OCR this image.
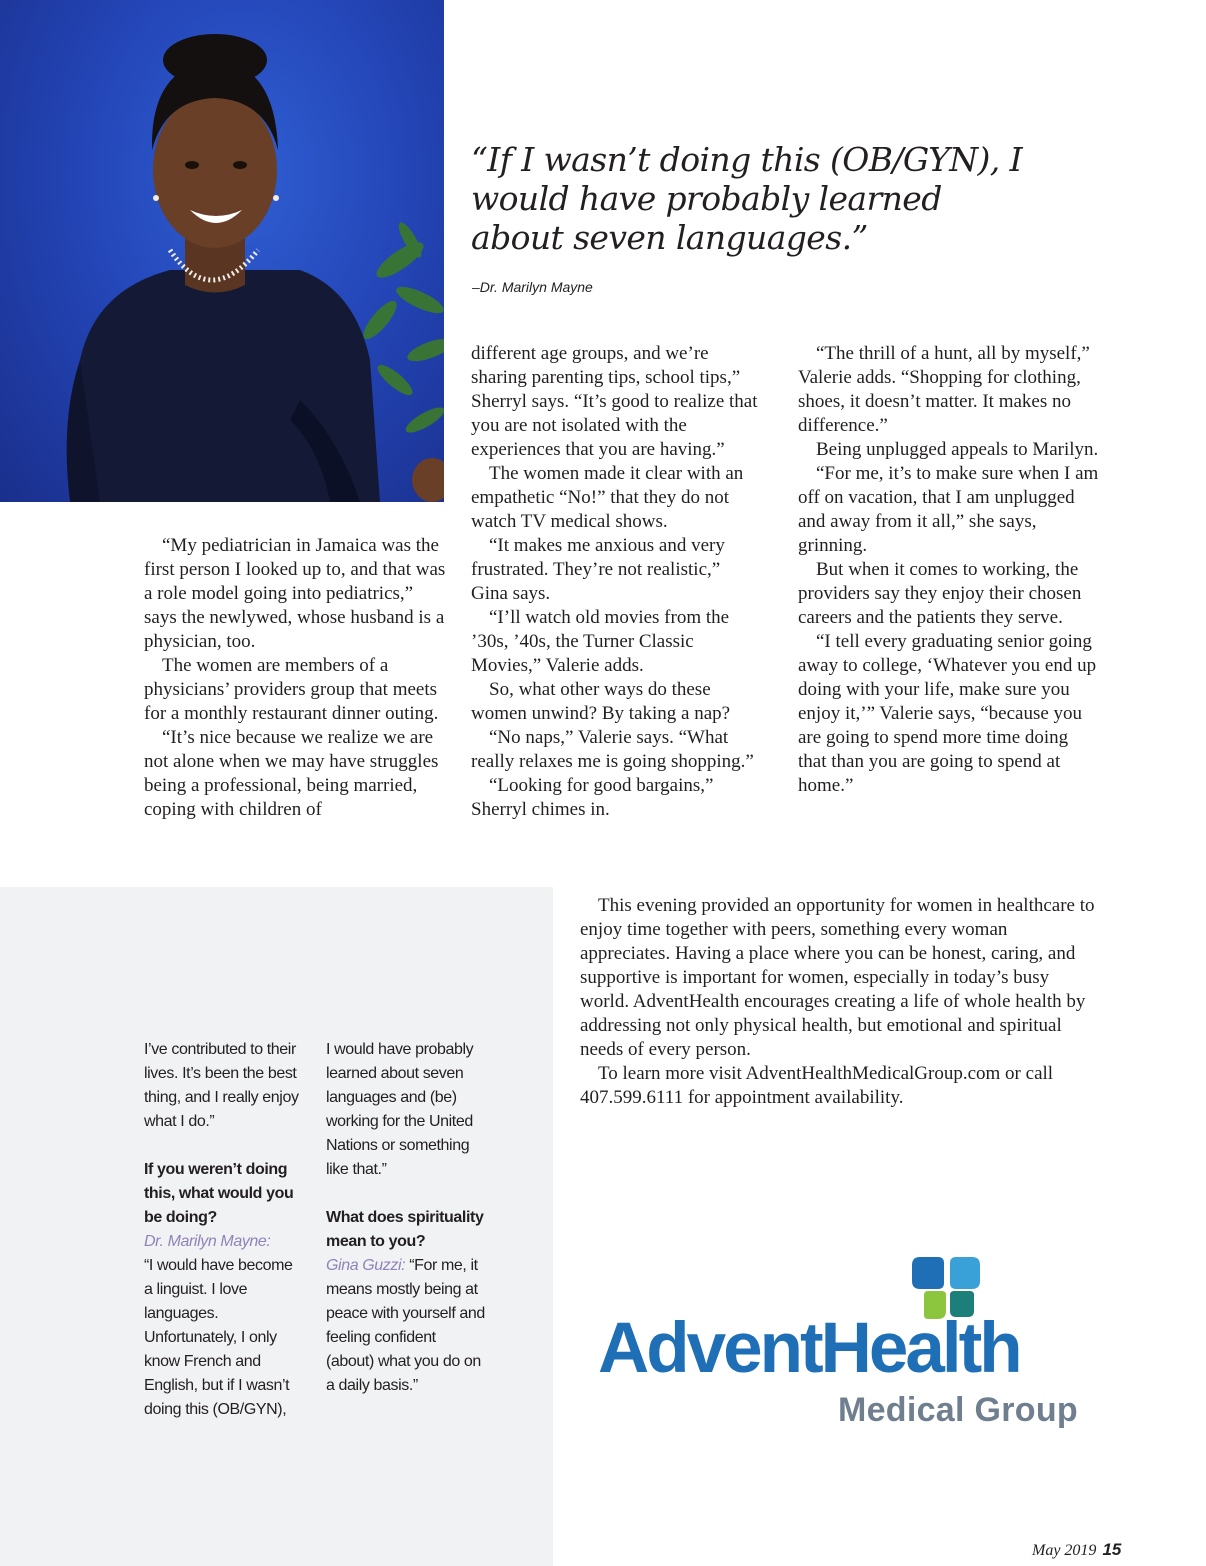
“If I wasn’t doing this (OB/GYN), I would have probably learned about seven languages.”
–Dr. Marilyn Mayne

“My pediatrician in Jamaica was the first person I looked up to, and that was a role model going into pediatrics,” says the newlywed, whose husband is a physician, too.

The women are members of a physicians’ providers group that meets for a monthly restaurant dinner outing.

“It’s nice because we realize we are not alone when we may have struggles being a professional, being married, coping with children of

different age groups, and we’re sharing parenting tips, school tips,” Sherryl says. “It’s good to realize that you are not isolated with the experiences that you are having.”

The women made it clear with an empathetic “No!” that they do not watch TV medical shows.

“It makes me anxious and very frustrated. They’re not realistic,” Gina says.

“I’ll watch old movies from the ’30s, ’40s, the Turner Classic Movies,” Valerie adds.

So, what other ways do these women unwind? By taking a nap?

“No naps,” Valerie says. “What really relaxes me is going shopping.”

“Looking for good bargains,” Sherryl chimes in.

“The thrill of a hunt, all by myself,” Valerie adds. “Shopping for clothing, shoes, it doesn’t matter. It makes no difference.”

Being unplugged appeals to Marilyn.

“For me, it’s to make sure when I am off on vacation, that I am unplugged and away from it all,” she says, grinning.

But when it comes to working, the providers say they enjoy their chosen careers and the patients they serve.

“I tell every graduating senior going away to college, ‘Whatever you end up doing with your life, make sure you enjoy it,’” Valerie says, “because you are going to spend more time doing that than you are going to spend at home.”

I’ve contributed to their lives. It’s been the best thing, and I really enjoy what I do.”

If you weren’t doing this, what would you be doing?
Dr. Marilyn Mayne:
“I would have become a linguist. I love languages. Unfortunately, I only know French and English, but if I wasn’t doing this (OB/GYN),

I would have probably learned about seven languages and (be) working for the United Nations or something like that.”

What does spirituality mean to you?
Gina Guzzi: “For me, it means mostly being at peace with yourself and feeling confident (about) what you do on a daily basis.”

This evening provided an opportunity for women in healthcare to enjoy time together with peers, something every woman appreciates. Having a place where you can be honest, caring, and supportive is important for women, especially in today’s busy world. AdventHealth encourages creating a life of whole health by addressing not only physical health, but emotional and spiritual needs of every person.

To learn more visit AdventHealthMedicalGroup.com or call 407.599.6111 for appointment availability.

AdventHealth
Medical Group
May 2019 15
